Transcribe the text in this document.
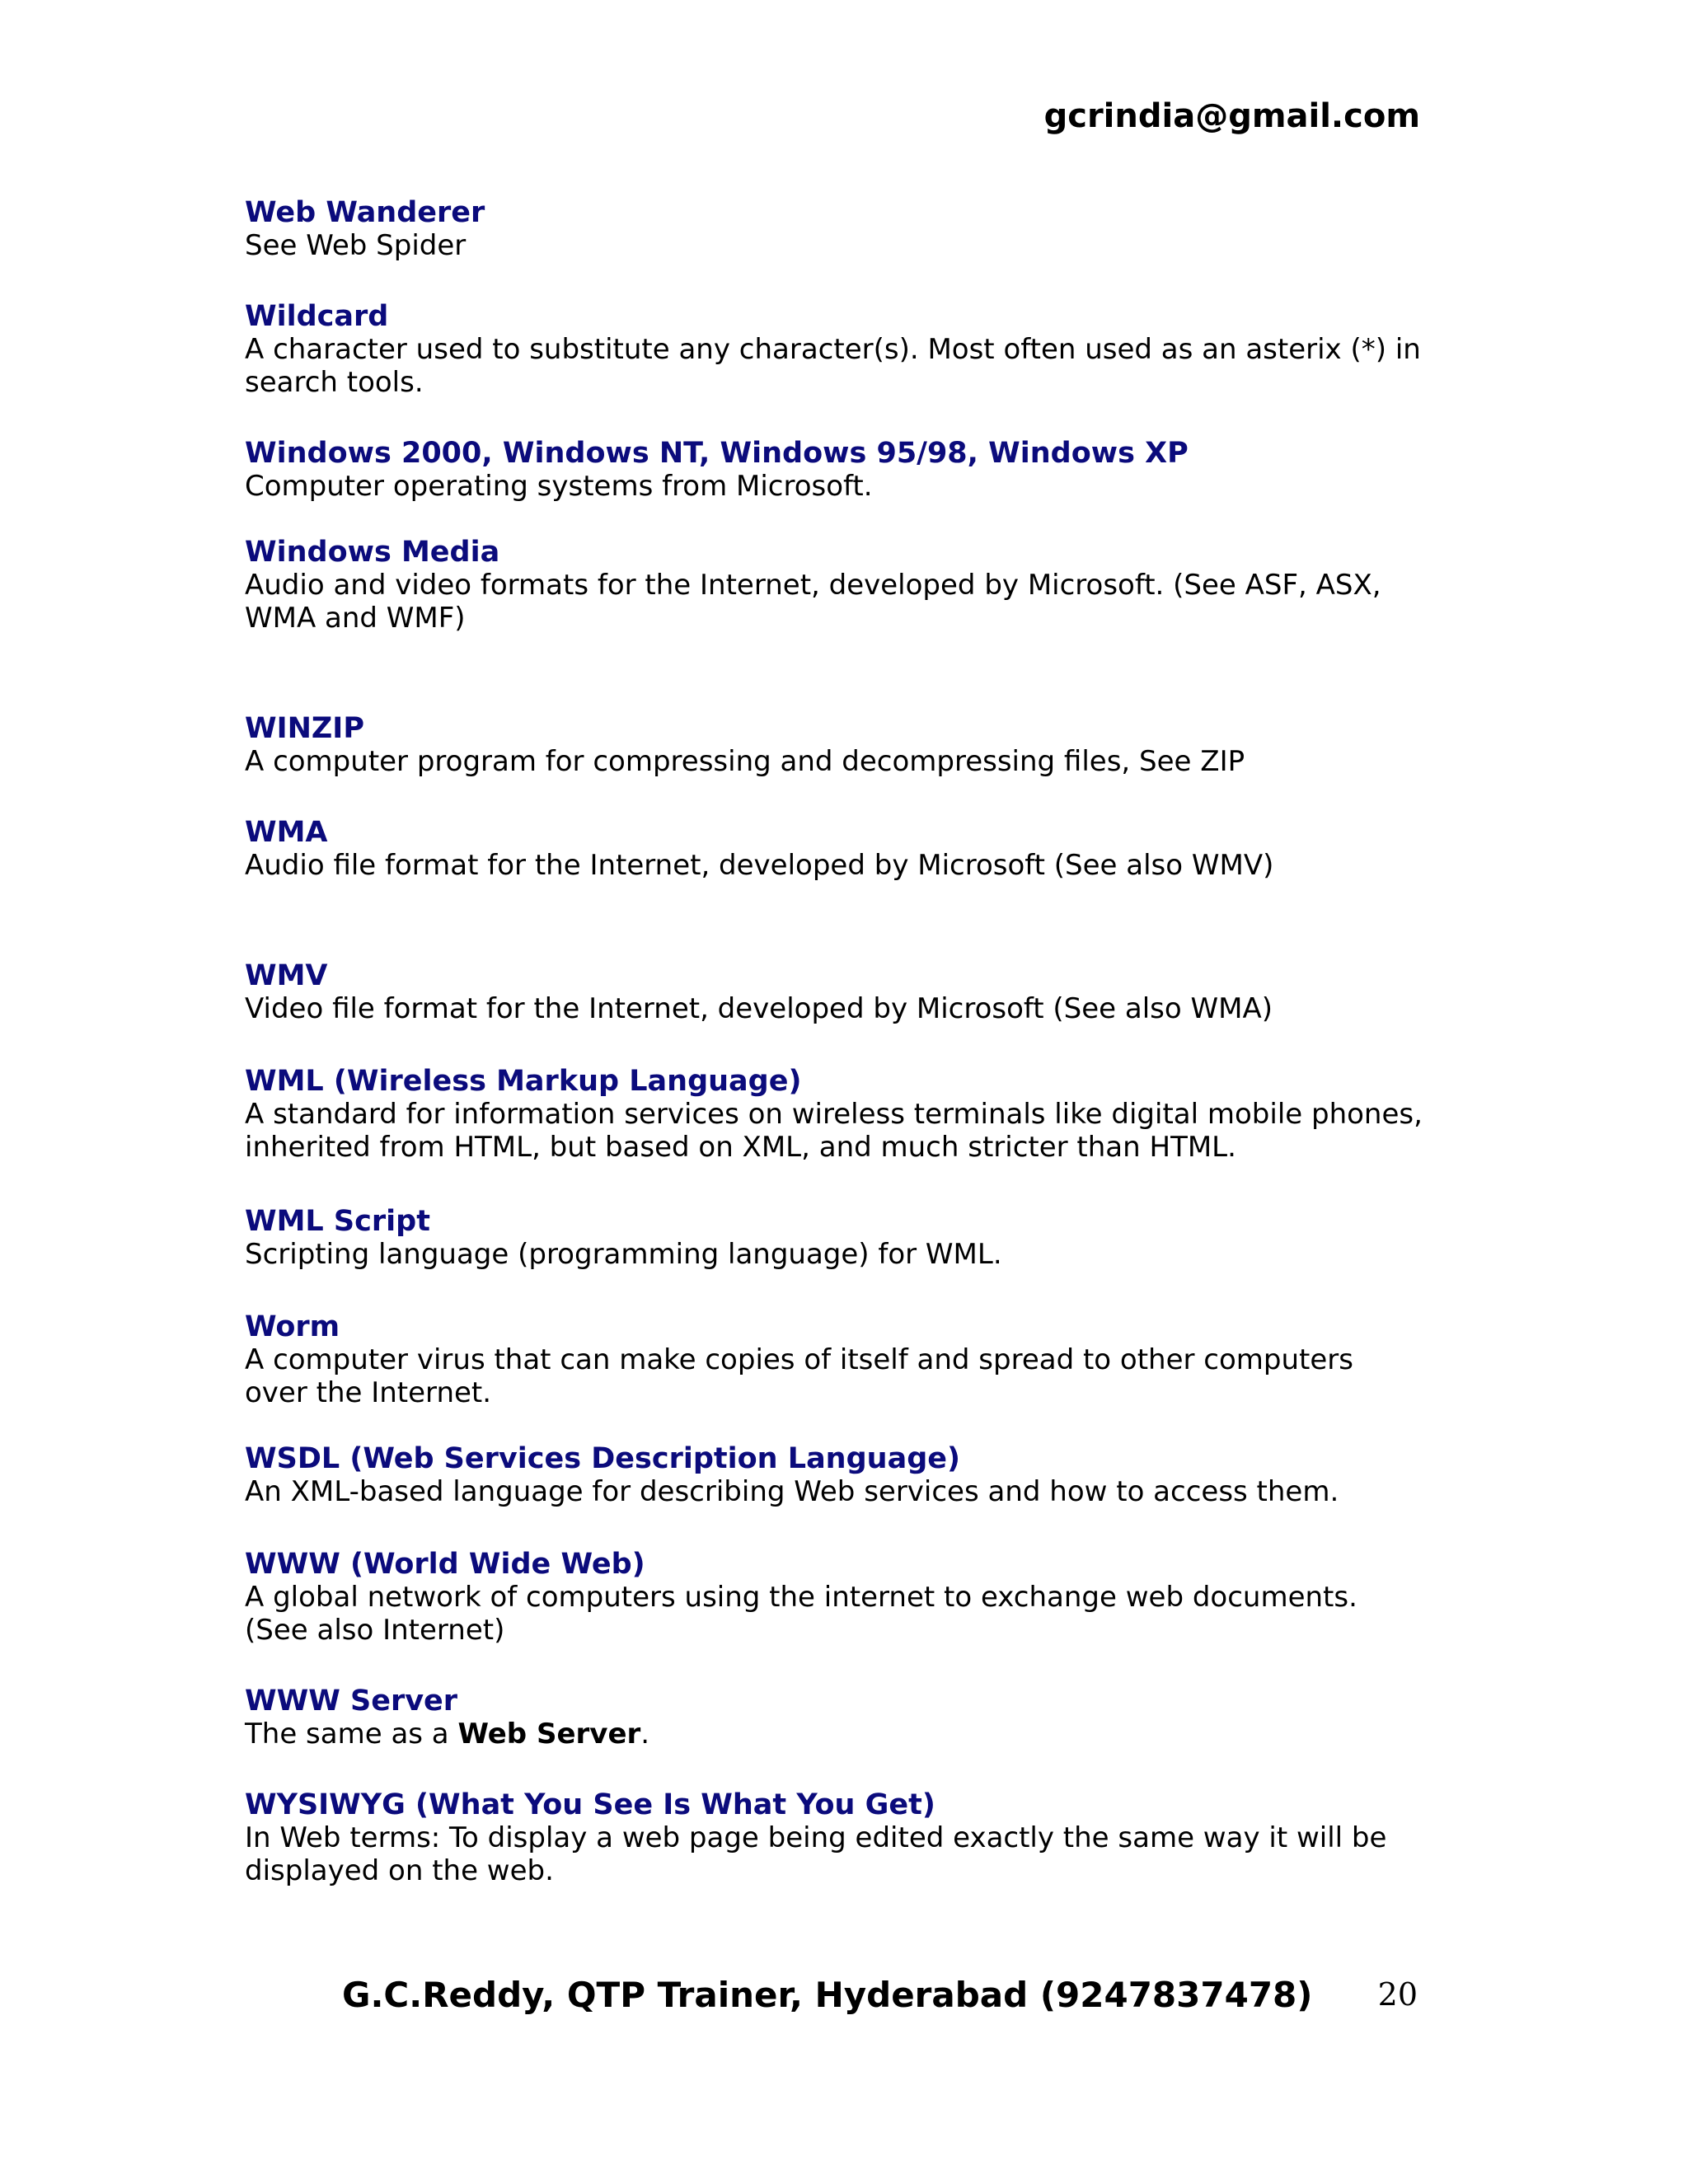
gcrindia@gmail.com
Web Wanderer
See Web Spider
Wildcard
A character used to substitute any character(s). Most often used as an asterix (*) in search tools.
Windows 2000, Windows NT, Windows 95/98, Windows XP
Computer operating systems from Microsoft.
Windows Media
Audio and video formats for the Internet, developed by Microsoft. (See ASF, ASX, WMA and WMF)
WINZIP
A computer program for compressing and decompressing files, See ZIP
WMA
Audio file format for the Internet, developed by Microsoft (See also WMV)
WMV
Video file format for the Internet, developed by Microsoft (See also WMA)
WML (Wireless Markup Language)
A standard for information services on wireless terminals like digital mobile phones, inherited from HTML, but based on XML, and much stricter than HTML.
WML Script
Scripting language (programming language) for WML.
Worm
A computer virus that can make copies of itself and spread to other computers over the Internet.
WSDL (Web Services Description Language)
An XML-based language for describing Web services and how to access them.
WWW (World Wide Web)
A global network of computers using the internet to exchange web documents. (See also Internet)
WWW Server
The same as a Web Server.
WYSIWYG (What You See Is What You Get)
In Web terms: To display a web page being edited exactly the same way it will be displayed on the web.
G.C.Reddy, QTP Trainer, Hyderabad (9247837478) 20
